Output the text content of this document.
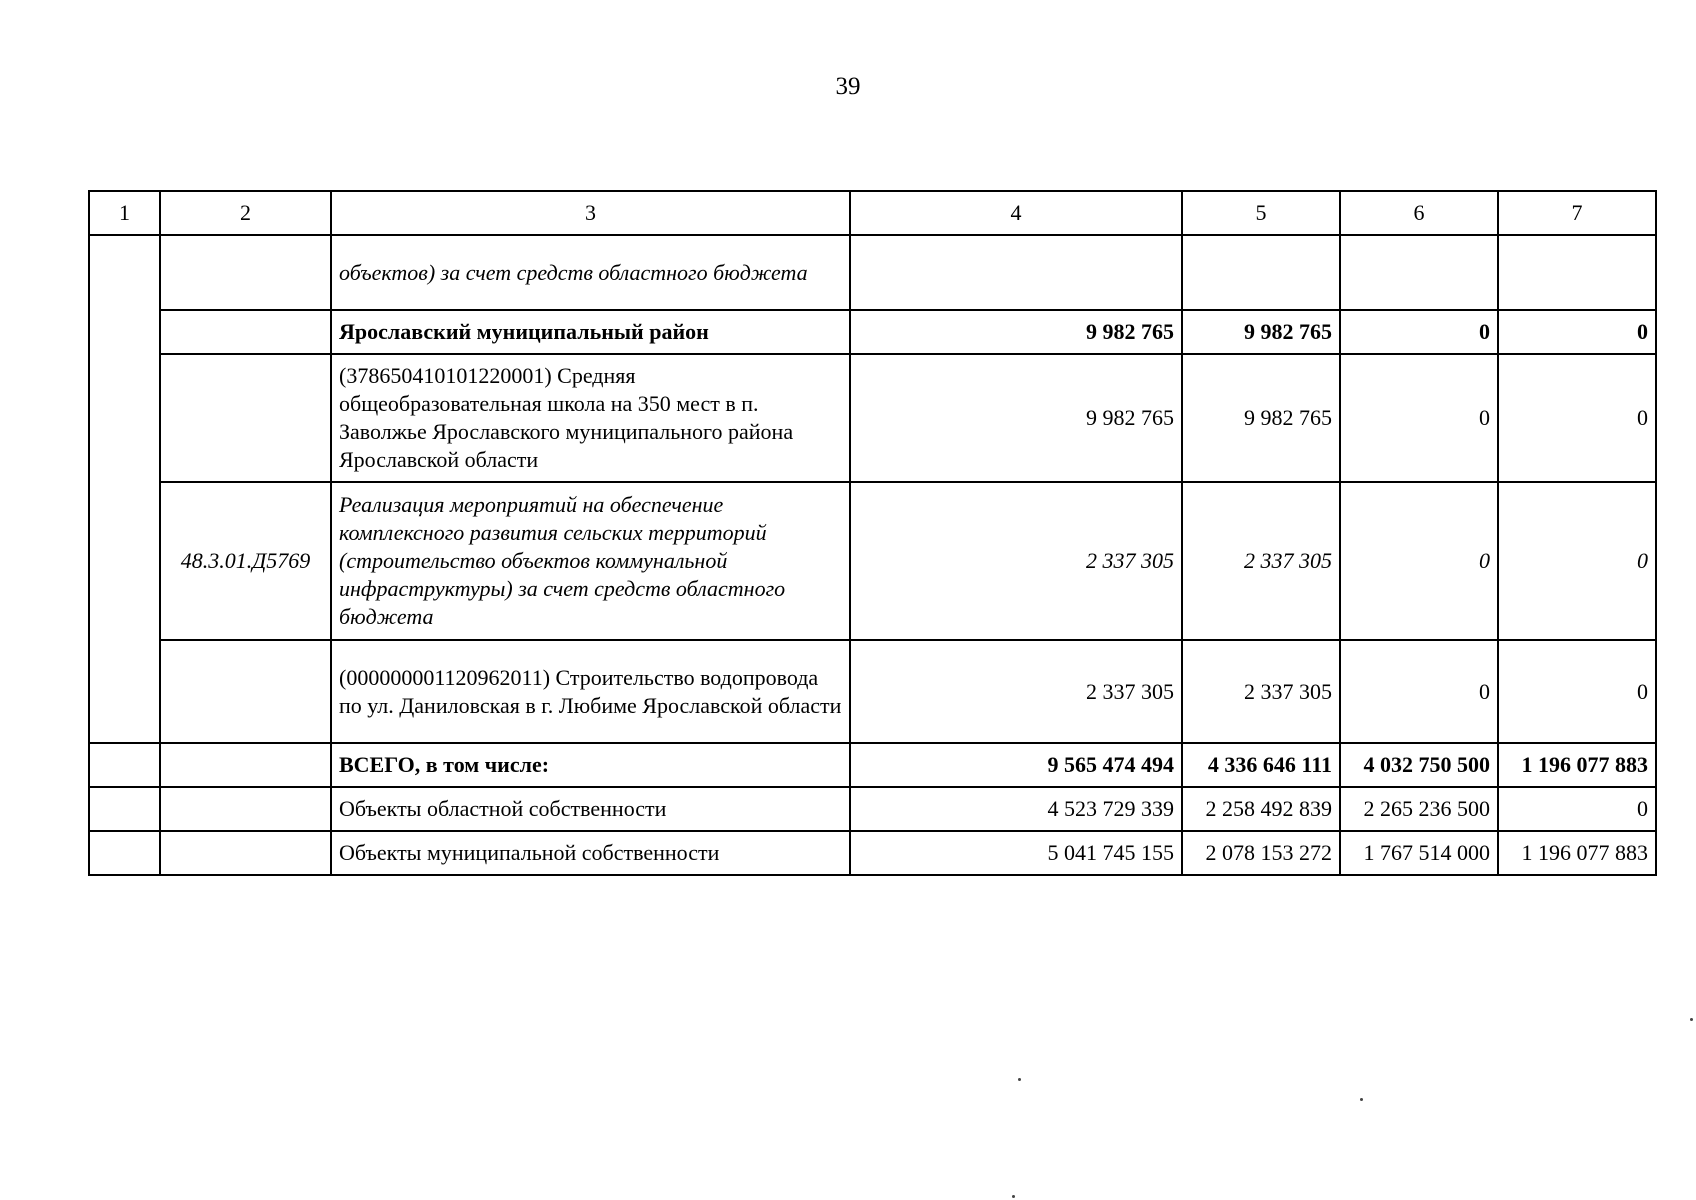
39
1	2	3	4	5	6	7
		объектов) за счет средств областного бюджета				
		Ярославский муниципальный район	9 982 765	9 982 765	0	0
		(378650410101220001) Средняя общеобразовательная школа на 350 мест в п. Заволжье Ярославского муниципального района Ярославской области	9 982 765	9 982 765	0	0
	48.3.01.Д5769	Реализация мероприятий на обеспечение комплексного развития сельских территорий (строительство объектов коммунальной инфраструктуры) за счет средств областного бюджета	2 337 305	2 337 305	0	0
		(000000001120962011) Строительство водопровода по ул. Даниловская в г. Любиме Ярославской области	2 337 305	2 337 305	0	0
		ВСЕГО, в том числе:	9 565 474 494	4 336 646 111	4 032 750 500	1 196 077 883
		Объекты областной собственности	4 523 729 339	2 258 492 839	2 265 236 500	0
		Объекты муниципальной собственности	5 041 745 155	2 078 153 272	1 767 514 000	1 196 077 883
